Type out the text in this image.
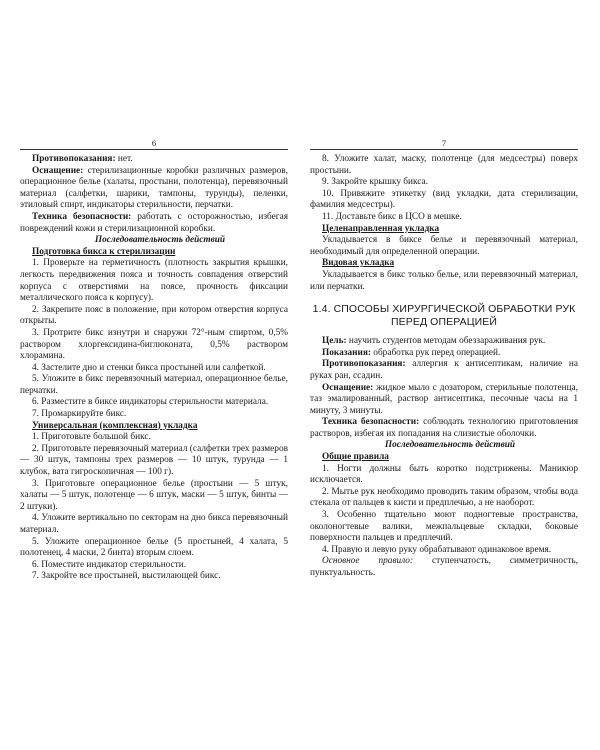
6

Противопоказания: нет.

Оснащение: стерилизационные коробки различных размеров, операционное белье (халаты, простыни, полотенца), перевязочный материал (салфетки, шарики, тампоны, турунды), пеленки, этиловый спирт, индикаторы стерильности, перчатки.

Техника безопасности: работать с осторожностью, избегая повреждений кожи и стерилизационной коробки.

Последовательность действий

Подготовка бикса к стерилизации

1. Проверьте на герметичность (плотность закрытия крышки, легкость передвижения пояса и точность совпадения отверстий корпуса с отверстиями на поясе, прочность фиксации металлического пояса к корпусу).

2. Закрепите пояс в положение, при котором отверстия корпуса открыты.

3. Протрите бикс изнутри и снаружи 72°-ным спиртом, 0,5% раствором хлоргексидина-биглюконата, 0,5% раствором хлорамина.

4. Застелите дно и стенки бикса простыней или салфеткой.

5. Уложите в бикс перевязочный материал, операционное белье, перчатки.

6. Разместите в биксе индикаторы стерильности материала.

7. Промаркируйте бикс.

Универсальная (комплексная) укладка

1. Приготовьте большой бикс.

2. Приготовьте перевязочный материал (салфетки трех размеров — 30 штук, тампоны трех размеров — 10 штук, турунда — 1 клубок, вата гигроскопичная — 100 г).

3. Приготовьте операционное белье (простыни — 5 штук, халаты — 5 штук, полотенце — 6 штук, маски — 5 штук, бинты — 2 штуки).

4. Уложите вертикально по секторам на дно бикса перевязочный материал.

5. Уложите операционное белье (5 простыней, 4 халата, 5 полотенец, 4 маски, 2 бинта) вторым слоем.

6. Поместите индикатор стерильности.

7. Закройте все простыней, выстилающей бикс.

7

8. Уложите халат, маску, полотенце (для медсестры) поверх простыни.

9. Закройте крышку бикса.

10. Привяжите этикетку (вид укладки, дата стерилизации, фамилия медсестры).

11. Доставьте бикс в ЦСО в мешке.

Целенаправленная укладка

Укладывается в биксе белье и перевязочный материал, необходимый для определенной операции.

Видовая укладка

Укладывается в бикс только белье, или перевязочный материал, или перчатки.

1.4. СПОСОБЫ ХИРУРГИЧЕСКОЙ ОБРАБОТКИ РУК
ПЕРЕД ОПЕРАЦИЕЙ

Цель: научить студентов методам обеззараживания рук.

Показания: обработка рук перед операцией.

Противопоказания: аллергия к антисептикам, наличие на руках ран, ссадин.

Оснащение: жидкое мыло с дозатором, стерильные полотенца, таз эмалированный, раствор антисептика, песочные часы на 1 минуту, 3 минуты.

Техника безопасности: соблюдать технологию приготовления растворов, избегая их попадания на слизистые оболочки.

Последовательность действий

Общие правила

1. Ногти должны быть коротко подстрижены. Маникюр исключается.

2. Мытье рук необходимо проводить таким образом, чтобы вода стекала от пальцев к кисти и предплечью, а не наоборот.

3. Особенно тщательно моют подногтевые пространства, околоногтевые валики, межпальцевые складки, боковые поверхности пальцев и предплечий.

4. Правую и левую руку обрабатывают одинаковое время.

Основное правило: ступенчатость, симметричность, пунктуальность.
